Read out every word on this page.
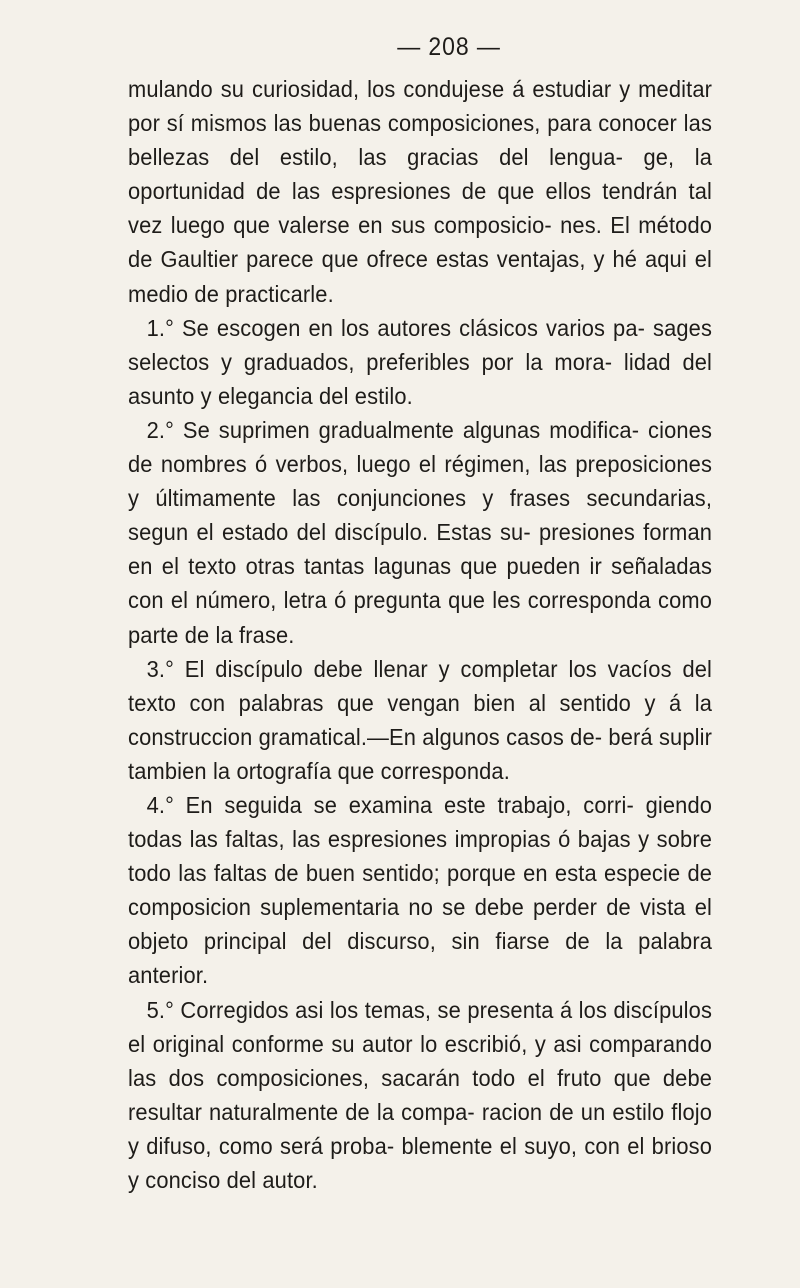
— 208 —

mulando su curiosidad, los condujese á estudiar y meditar por sí mismos las buenas composiciones, para conocer las bellezas del estilo, las gracias del lengua- ge, la oportunidad de las espresiones de que ellos tendrán tal vez luego que valerse en sus composicio- nes. El método de Gaultier parece que ofrece estas ventajas, y hé aqui el medio de practicarle.

1.° Se escogen en los autores clásicos varios pa- sages selectos y graduados, preferibles por la mora- lidad del asunto y elegancia del estilo.

2.° Se suprimen gradualmente algunas modifica- ciones de nombres ó verbos, luego el régimen, las preposiciones y últimamente las conjunciones y frases secundarias, segun el estado del discípulo. Estas su- presiones forman en el texto otras tantas lagunas que pueden ir señaladas con el número, letra ó pregunta que les corresponda como parte de la frase.

3.° El discípulo debe llenar y completar los vacíos del texto con palabras que vengan bien al sentido y á la construccion gramatical.—En algunos casos de- berá suplir tambien la ortografía que corresponda.

4.° En seguida se examina este trabajo, corri- giendo todas las faltas, las espresiones impropias ó bajas y sobre todo las faltas de buen sentido; porque en esta especie de composicion suplementaria no se debe perder de vista el objeto principal del discurso, sin fiarse de la palabra anterior.

5.° Corregidos asi los temas, se presenta á los discípulos el original conforme su autor lo escribió, y asi comparando las dos composiciones, sacarán todo el fruto que debe resultar naturalmente de la compa- racion de un estilo flojo y difuso, como será proba- blemente el suyo, con el brioso y conciso del autor.
